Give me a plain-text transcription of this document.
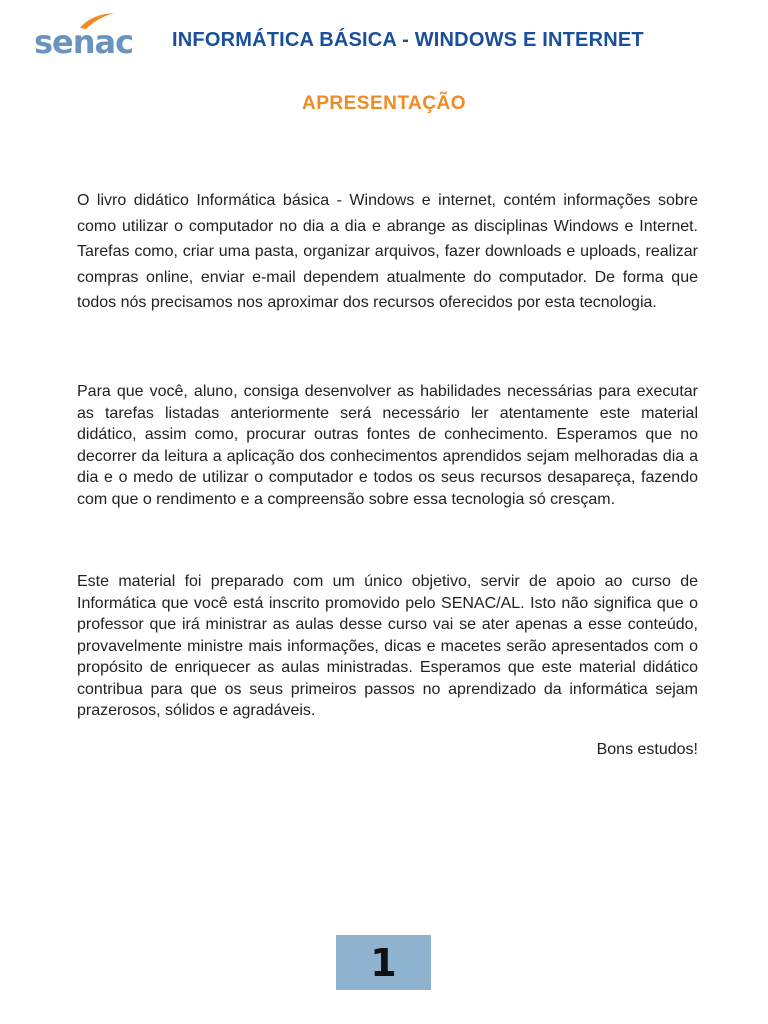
senac INFORMÁTICA BÁSICA - WINDOWS E INTERNET
APRESENTAÇÃO

O livro didático Informática básica - Windows e internet, contém informações sobre como utilizar o computador no dia a dia e abrange as disciplinas Windows e Internet. Tarefas como, criar uma pasta, organizar arquivos, fazer downloads e uploads, realizar compras online, enviar e-mail dependem atualmente do computador. De forma que todos nós precisamos nos aproximar dos recursos oferecidos por esta tecnologia.

Para que você, aluno, consiga desenvolver as habilidades necessárias para executar as tarefas listadas anteriormente será necessário ler atentamente este material didático, assim como, procurar outras fontes de conhecimento. Esperamos que no decorrer da leitura a aplicação dos conhecimentos aprendidos sejam melhoradas dia a dia e o medo de utilizar o computador e todos os seus recursos desapareça, fazendo com que o rendimento e a compreensão sobre essa tecnologia só cresçam.

Este material foi preparado com um único objetivo, servir de apoio ao curso de Informática que você está inscrito promovido pelo SENAC/AL. Isto não significa que o professor que irá ministrar as aulas desse curso vai se ater apenas a esse conteúdo, provavelmente ministre mais informações, dicas e macetes serão apresentados com o propósito de enriquecer as aulas ministradas. Esperamos que este material didático contribua para que os seus primeiros passos no aprendizado da informática sejam prazerosos, sólidos e agradáveis.

Bons estudos!
1
